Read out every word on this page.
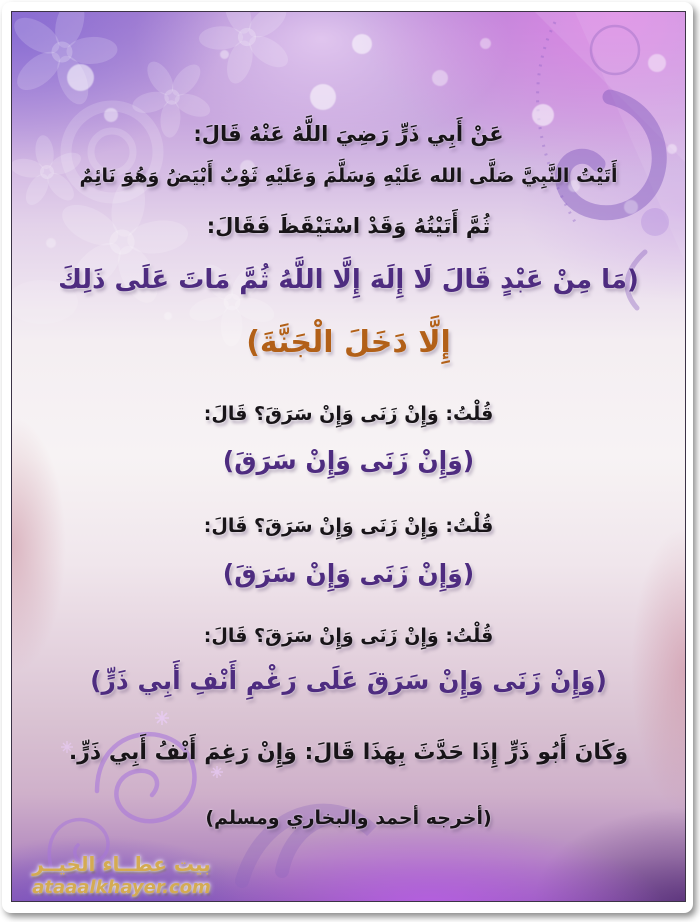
عَنْ أَبِي ذَرٍّ رَضِيَ اللَّهُ عَنْهُ قَالَ:
أَتَيْتُ النَّبِيَّ صَلَّى الله عَلَيْهِ وَسَلَّمَ وَعَلَيْهِ ثَوْبٌ أَبْيَضُ وَهُوَ نَائِمٌ
ثُمَّ أَتَيْتُهُ وَقَدْ اسْتَيْقَظَ فَقَالَ:
(مَا مِنْ عَبْدٍ قَالَ لَا إِلَهَ إِلَّا اللَّهُ ثُمَّ مَاتَ عَلَى ذَلِكَ
إِلَّا دَخَلَ الْجَنَّةَ)
قُلْتُ: وَإِنْ زَنَى وَإِنْ سَرَقَ؟ قَالَ:
(وَإِنْ زَنَى وَإِنْ سَرَقَ)
قُلْتُ: وَإِنْ زَنَى وَإِنْ سَرَقَ؟ قَالَ:
(وَإِنْ زَنَى وَإِنْ سَرَقَ)
قُلْتُ: وَإِنْ زَنَى وَإِنْ سَرَقَ؟ قَالَ:
(وَإِنْ زَنَى وَإِنْ سَرَقَ عَلَى رَغْمِ أَنْفِ أَبِي ذَرٍّ)
وَكَانَ أَبُو ذَرٍّ إِذَا حَدَّثَ بِهَذَا قَالَ: وَإِنْ رَغِمَ أَنْفُ أَبِي ذَرٍّ.
(أخرجه أحمد والبخاري ومسلم)
بيت عطــاء الخيــر
ataaalkhayer.com
